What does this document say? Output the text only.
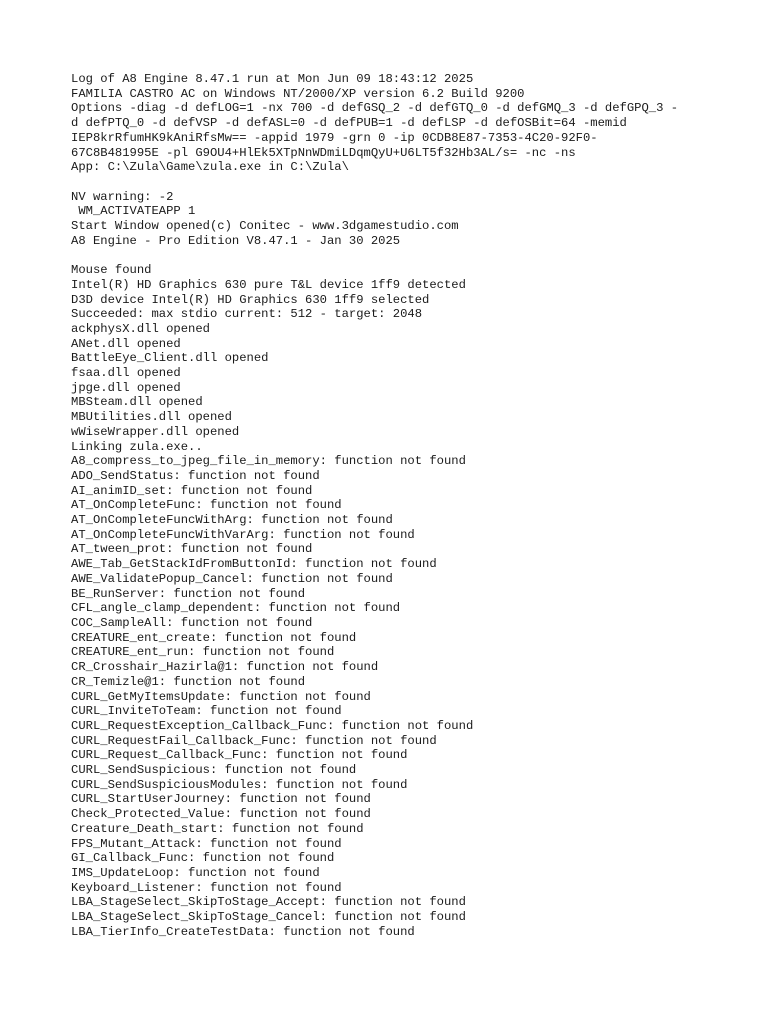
Log of A8 Engine 8.47.1 run at Mon Jun 09 18:43:12 2025
FAMILIA CASTRO AC on Windows NT/2000/XP version 6.2 Build 9200
Options -diag -d defLOG=1 -nx 700 -d defGSQ_2 -d defGTQ_0 -d defGMQ_3 -d defGPQ_3 -
d defPTQ_0 -d defVSP -d defASL=0 -d defPUB=1 -d defLSP -d defOSBit=64 -memid
IEP8krRfumHK9kAniRfsMw== -appid 1979 -grn 0 -ip 0CDB8E87-7353-4C20-92F0-
67C8B481995E -pl G9OU4+HlEk5XTpNnWDmiLDqmQyU+U6LT5f32Hb3AL/s= -nc -ns
App: C:\Zula\Game\zula.exe in C:\Zula\
NV warning: -2
WM_ACTIVATEAPP 1
Start Window opened(c) Conitec - www.3dgamestudio.com
A8 Engine - Pro Edition V8.47.1 - Jan 30 2025
Mouse found
Intel(R) HD Graphics 630 pure T&L device 1ff9 detected
D3D device Intel(R) HD Graphics 630 1ff9 selected
Succeeded: max stdio current: 512 - target: 2048
ackphysX.dll opened
ANet.dll opened
BattleEye_Client.dll opened
fsaa.dll opened
jpge.dll opened
MBSteam.dll opened
MBUtilities.dll opened
wWiseWrapper.dll opened
Linking zula.exe..
A8_compress_to_jpeg_file_in_memory: function not found
ADO_SendStatus: function not found
AI_animID_set: function not found
AT_OnCompleteFunc: function not found
AT_OnCompleteFuncWithArg: function not found
AT_OnCompleteFuncWithVarArg: function not found
AT_tween_prot: function not found
AWE_Tab_GetStackIdFromButtonId: function not found
AWE_ValidatePopup_Cancel: function not found
BE_RunServer: function not found
CFL_angle_clamp_dependent: function not found
COC_SampleAll: function not found
CREATURE_ent_create: function not found
CREATURE_ent_run: function not found
CR_Crosshair_Hazirla@1: function not found
CR_Temizle@1: function not found
CURL_GetMyItemsUpdate: function not found
CURL_InviteToTeam: function not found
CURL_RequestException_Callback_Func: function not found
CURL_RequestFail_Callback_Func: function not found
CURL_Request_Callback_Func: function not found
CURL_SendSuspicious: function not found
CURL_SendSuspiciousModules: function not found
CURL_StartUserJourney: function not found
Check_Protected_Value: function not found
Creature_Death_start: function not found
FPS_Mutant_Attack: function not found
GI_Callback_Func: function not found
IMS_UpdateLoop: function not found
Keyboard_Listener: function not found
LBA_StageSelect_SkipToStage_Accept: function not found
LBA_StageSelect_SkipToStage_Cancel: function not found
LBA_TierInfo_CreateTestData: function not found
